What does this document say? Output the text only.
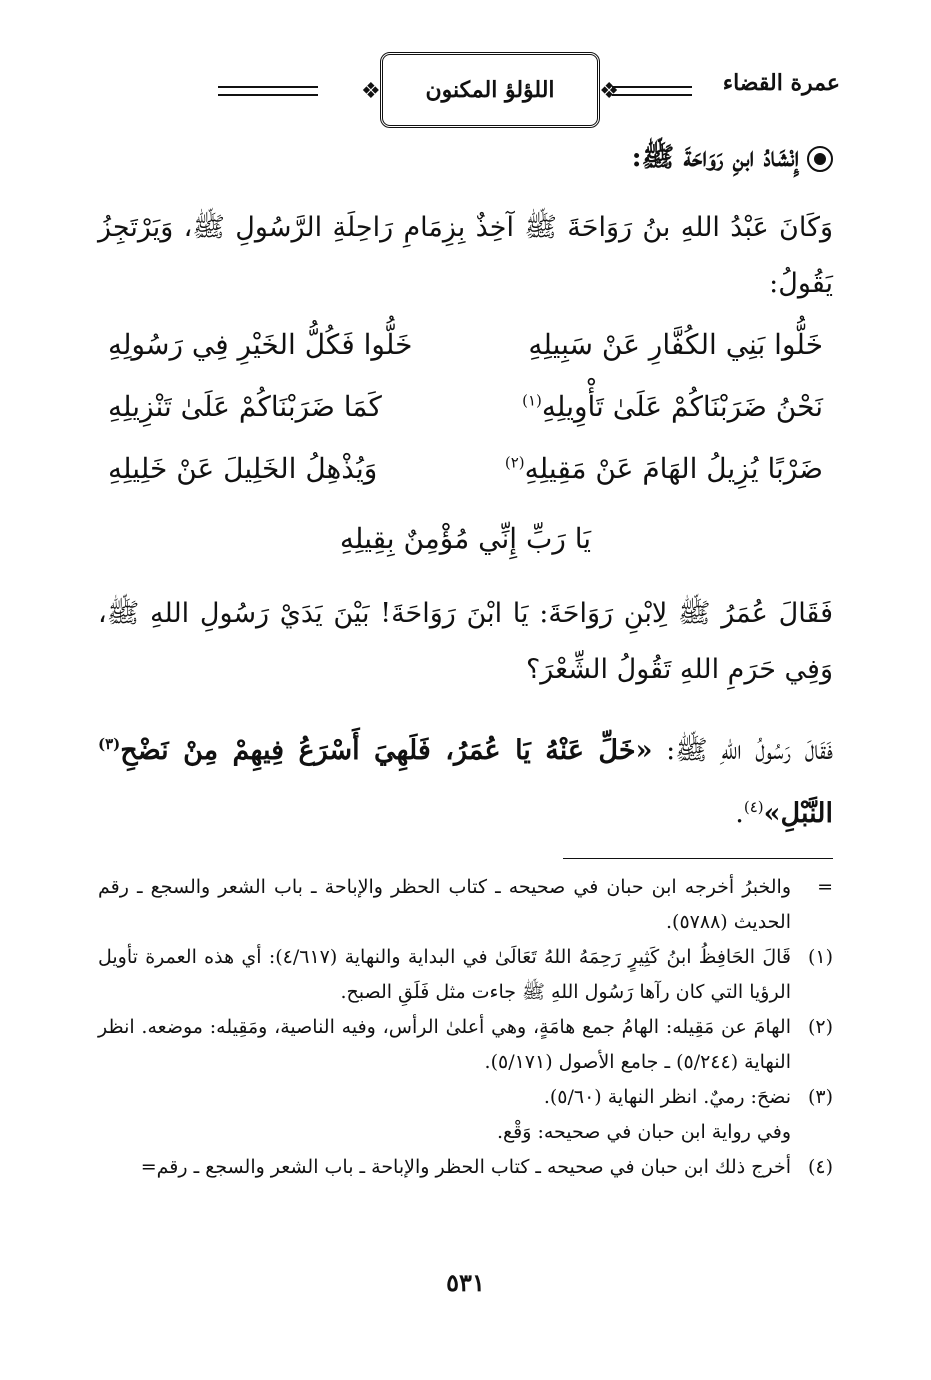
عمرة القضاء
❖
اللؤلؤ المكنون
❖
إِنْشَادُ ابنِ رَوَاحَةَ ﷺ:
وَكَانَ عَبْدُ اللهِ بنُ رَوَاحَةَ ﷺ آخِذٌ بِزِمَامِ رَاحِلَةِ الرَّسُولِ ﷺ، وَيَرْتَجِزُ يَقُولُ:
خَلُّوا بَنِي الكُفَّارِ عَنْ سَبِيلِهِ
خَلُّوا فَكُلُّ الخَيْرِ فِي رَسُولِهِ
نَحْنُ ضَرَبْنَاكُمْ عَلَىٰ تَأْوِيلِهِ$^{(١)}$
كَمَا ضَرَبْنَاكُمْ عَلَىٰ تَنْزِيلِهِ
ضَرْبًا يُزِيلُ الهَامَ عَنْ مَقِيلِهِ$^{(٢)}$
وَيُذْهِلُ الخَلِيلَ عَنْ خَلِيلِهِ
يَا رَبِّ إِنِّي مُؤْمِنٌ بِقِيلِهِ
فَقَالَ عُمَرُ ﷺ لِابْنِ رَوَاحَةَ: يَا ابْنَ رَوَاحَةَ! بَيْنَ يَدَيْ رَسُولِ اللهِ ﷺ، وَفِي حَرَمِ اللهِ تَقُولُ الشِّعْرَ؟
فَقَالَ رَسُولُ اللهِ ﷺ: «خَلِّ عَنْهُ يَا عُمَرُ، فَلَهِيَ أَسْرَعُ فِيهِمْ مِنْ نَضْحِ$^{(٣)}$ النَّبْلِ»$^{(٤)}$.
=
والخبرُ أخرجه ابن حبان في صحيحه ـ كتاب الحظر والإباحة ـ باب الشعر والسجع ـ رقم الحديث (٥٧٨٨).
(١)
قَالَ الحَافِظُ ابنُ كَثِيرٍ رَحِمَهُ اللهُ تَعَالَىٰ في البداية والنهاية (٤/٦١٧): أي هذه العمرة تأويل الرؤيا التي كان رآها رَسُول اللهِ ﷺ جاءت مثل فَلَقِ الصبح.
(٢)
الهامَ عن مَقِيله: الهامُ جمع هامَةٍ، وهي أعلىٰ الرأس، وفيه الناصية، ومَقِيله: موضعه. انظر النهاية (٥/٢٤٤) ـ جامع الأصول (٥/١٧١).
(٣)
نضحَ: رميٌ. انظر النهاية (٥/٦٠).
وفي رواية ابن حبان في صحيحه: وَقْع.
(٤)
أخرج ذلك ابن حبان في صحيحه ـ كتاب الحظر والإباحة ـ باب الشعر والسجع ـ رقم=
٥٣١
